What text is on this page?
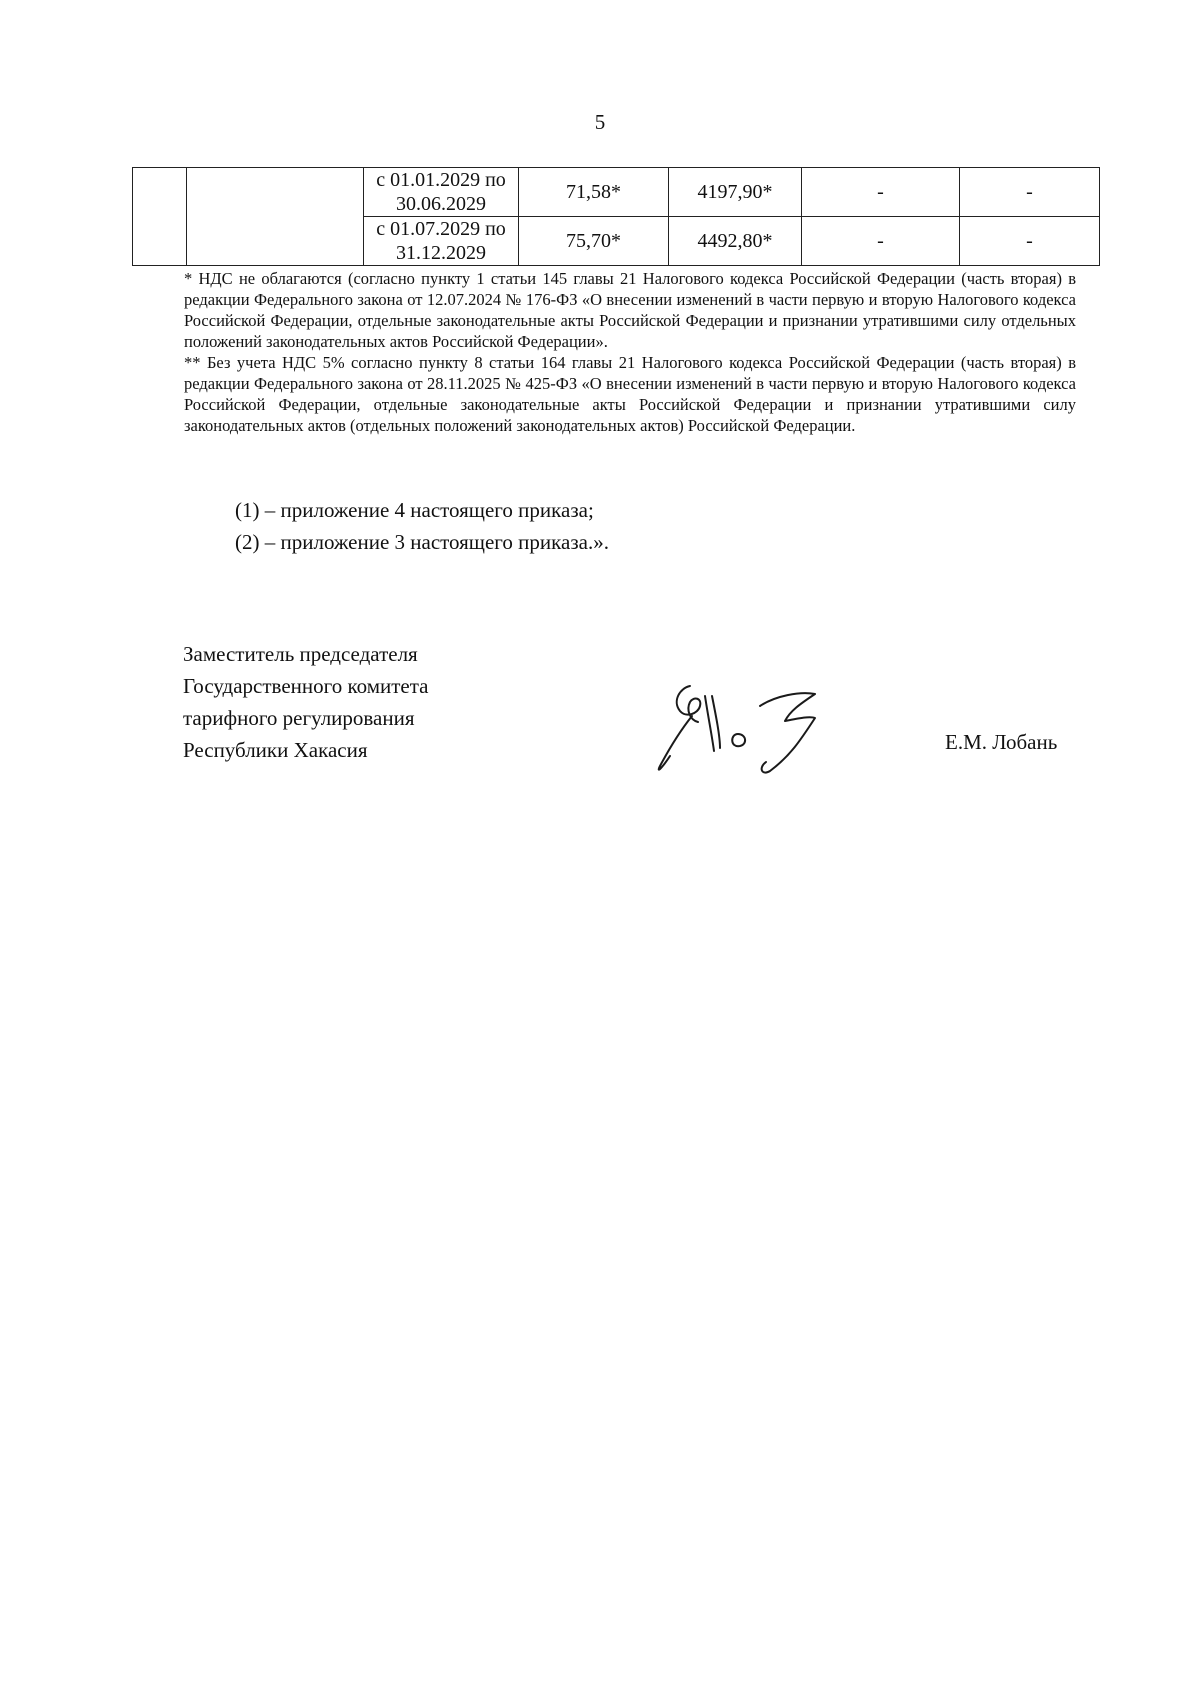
5

		с 01.01.2029 по
30.06.2029	71,58*	4197,90*	-	-

		с 01.07.2029 по
31.12.2029	75,70*	4492,80*	-	-

* НДС не облагаются (согласно пункту 1 статьи 145 главы 21 Налогового кодекса Российской Федерации (часть вторая) в редакции Федерального закона от 12.07.2024 № 176-ФЗ «О внесении изменений в части первую и вторую Налогового кодекса Российской Федерации, отдельные законодательные акты Российской Федерации и признании утратившими силу отдельных положений законодательных актов Российской Федерации».

** Без учета НДС 5% согласно пункту 8 статьи 164 главы 21 Налогового кодекса Российской Федерации (часть вторая) в редакции Федерального закона от 28.11.2025 № 425-ФЗ «О внесении изменений в части первую и вторую Налогового кодекса Российской Федерации, отдельные законодательные акты Российской Федерации и признании утратившими силу законодательных актов (отдельных положений законодательных актов) Российской Федерации.

(1) – приложение 4 настоящего приказа;

(2) – приложение 3 настоящего приказа.».

Заместитель председателя

Государственного комитета

тарифного регулирования

Республики Хакасия	Е.М. Лобань
